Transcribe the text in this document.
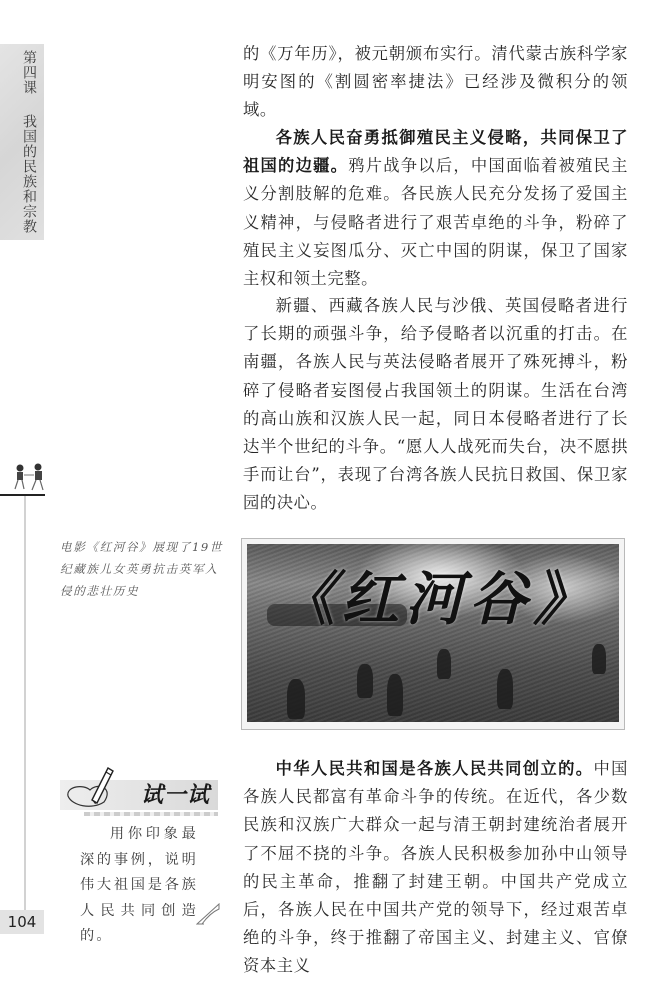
第四课
我国的民族和宗教

的《万年历》，被元朝颁布实行。清代蒙古族科学家明安图的《割圆密率捷法》已经涉及微积分的领域。

各族人民奋勇抵御殖民主义侵略，共同保卫了祖国的边疆。鸦片战争以后，中国面临着被殖民主义分割肢解的危难。各民族人民充分发扬了爱国主义精神，与侵略者进行了艰苦卓绝的斗争，粉碎了殖民主义妄图瓜分、灭亡中国的阴谋，保卫了国家主权和领土完整。

新疆、西藏各族人民与沙俄、英国侵略者进行了长期的顽强斗争，给予侵略者以沉重的打击。在南疆，各族人民与英法侵略者展开了殊死搏斗，粉碎了侵略者妄图侵占我国领土的阴谋。生活在台湾的高山族和汉族人民一起，同日本侵略者进行了长达半个世纪的斗争。“愿人人战死而失台，决不愿拱手而让台”，表现了台湾各族人民抗日救国、保卫家园的决心。

电影《红河谷》展现了19世纪藏族儿女英勇抗击英军入侵的悲壮历史	《红河谷》

中华人民共和国是各族人民共同创立的。中国各族人民都富有革命斗争的传统。在近代，各少数民族和汉族广大群众一起与清王朝封建统治者展开了不屈不挠的斗争。各族人民积极参加孙中山领导的民主革命，推翻了封建王朝。中国共产党成立后，各族人民在中国共产党的领导下，经过艰苦卓绝的斗争，终于推翻了帝国主义、封建主义、官僚资本主义

试一试
用你印象最深的事例，说明伟大祖国是各族人民共同创造的。
104
